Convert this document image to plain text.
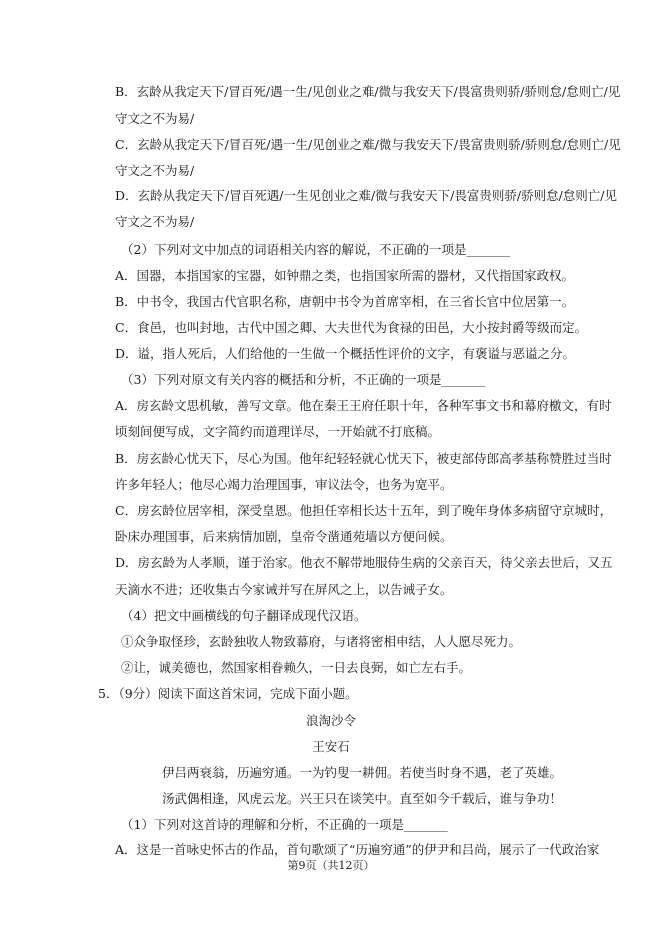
B．玄龄从我定天下/冒百死/遇一生/见创业之难/微与我安天下/畏富贵则骄/骄则怠/怠则亡/见
守文之不为易/
C．玄龄从我定天下/冒百死/遇一生/见创业之难/微与我安天下/畏富贵则骄/骄则怠/怠则亡/见
守文之不为易/
D．玄龄从我定天下/冒百死遇/一生见创业之难/微与我安天下/畏富贵则骄/骄则怠/怠则亡/见
守文之不为易/
（2）下列对文中加点的词语相关内容的解说，不正确的一项是_______
A．国器，本指国家的宝器，如钟鼎之类，也指国家所需的器材，又代指国家政权。
B．中书令，我国古代官职名称，唐朝中书令为首席宰相，在三省长官中位居第一。
C．食邑，也叫封地，古代中国之卿、大夫世代为食禄的田邑，大小按封爵等级而定。
D．谥，指人死后，人们给他的一生做一个概括性评价的文字，有褒谥与恶谥之分。
（3）下列对原文有关内容的概括和分析，不正确的一项是_______
A．房玄龄文思机敏，善写文章。他在秦王王府任职十年，各种军事文书和幕府檄文，有时
顷刻间便写成，文字简约而道理详尽，一开始就不打底稿。
B．房玄龄心忧天下，尽心为国。他年纪轻轻就心忧天下，被吏部侍郎高孝基称赞胜过当时
许多年轻人；他尽心竭力治理国事，审议法令，也务为宽平。
C．房玄龄位居宰相，深受皇恩。他担任宰相长达十五年，到了晚年身体多病留守京城时，
卧床办理国事，后来病情加剧，皇帝令凿通苑墙以方便问候。
D．房玄龄为人孝顺，谨于治家。他衣不解带地服侍生病的父亲百天，待父亲去世后，又五
天滴水不进；还收集古今家诫并写在屏风之上，以告诫子女。
（4）把文中画横线的句子翻译成现代汉语。
①众争取怪珍，玄龄独收人物致幕府，与诸将密相申结，人人愿尽死力。
②让，诚美德也，然国家相眷赖久，一日去良弼，如亡左右手。
5．（9分）阅读下面这首宋词，完成下面小题。
浪淘沙令
王安石
伊吕两衰翁，历遍穷通。一为钓叟一耕佣。若使当时身不遇，老了英雄。
汤武偶相逢，风虎云龙。兴王只在谈笑中。直至如今千载后，谁与争功！
（1）下列对这首诗的理解和分析，不正确的一项是_______
A．这是一首咏史怀古的作品，首句歌颂了“历遍穷通”的伊尹和吕尚，展示了一代政治家
第9页（共12页）
